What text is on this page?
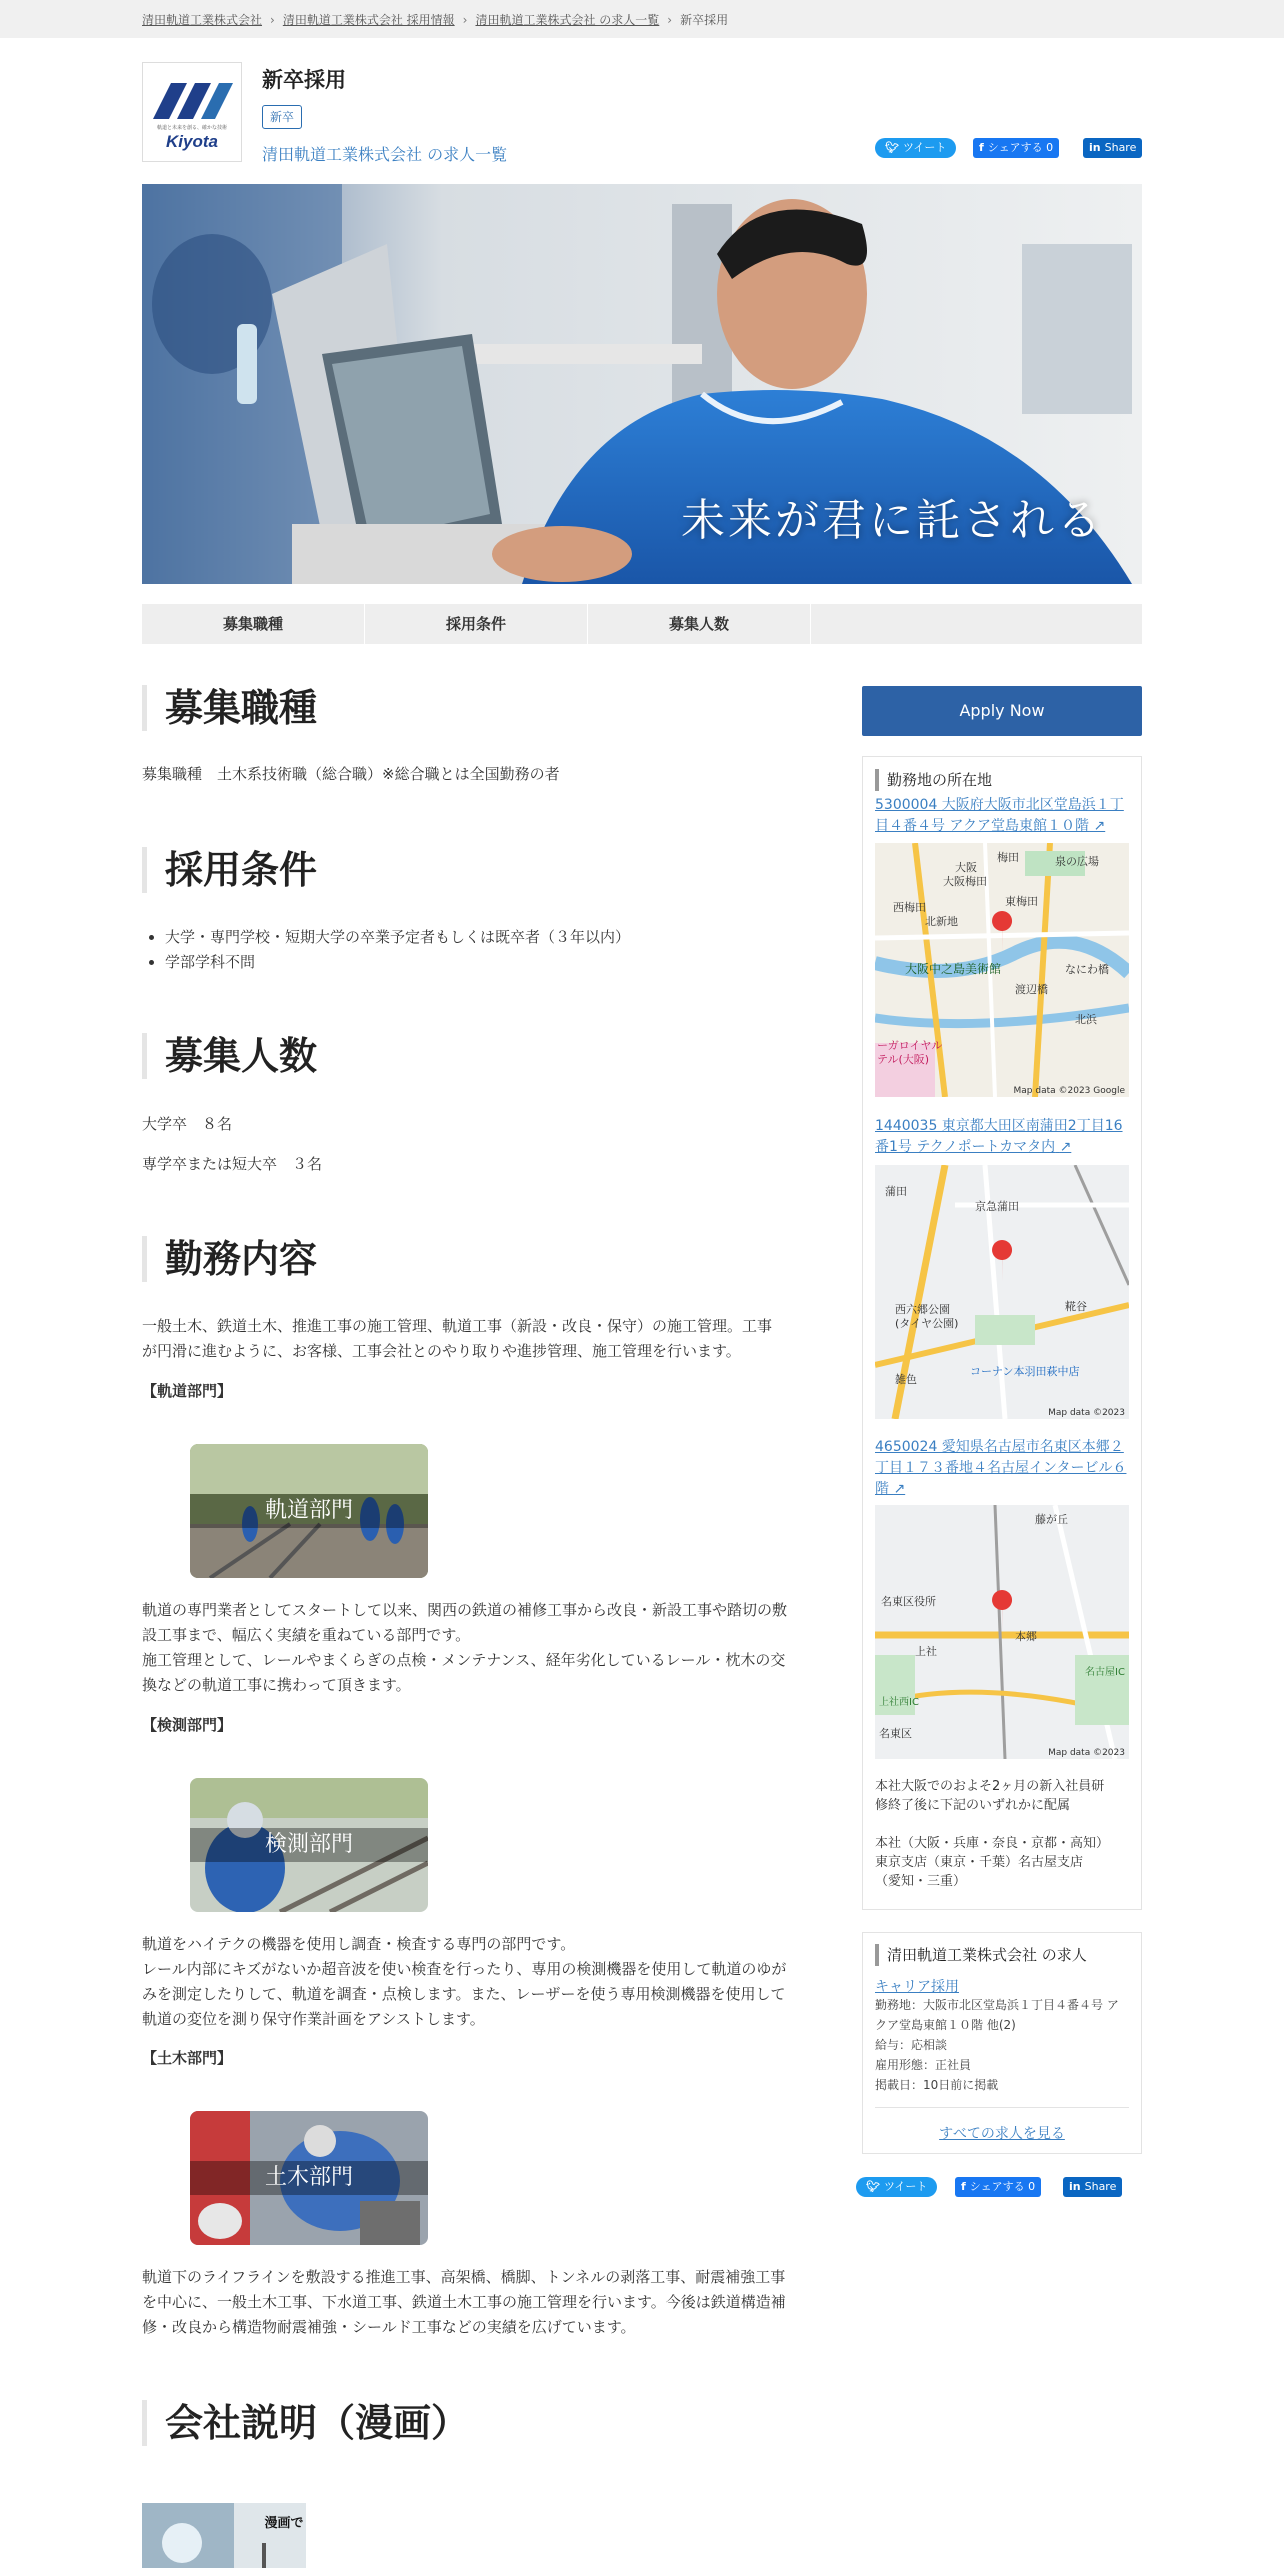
清田軌道工業株式会社 › 清田軌道工業株式会社 採用情報 › 清田軌道工業株式会社 の求人一覧 › 新卒採用
軌道と未来を創る、確かな技術
Kiyota
新卒採用
新卒
清田軌道工業株式会社 の求人一覧	🐦︎ ツイート	f シェアする 0	in Share
未来が君に託される
募集職種	採用条件	募集人数
募集職種

募集職種　土木系技術職（総合職）※総合職とは全国勤務の者

採用条件
• 大学・専門学校・短期大学の卒業予定者もしくは既卒者（３年以内）
• 学部学科不問
募集人数

大学卒　８名

専学卒または短大卒　３名

勤務内容

一般土木、鉄道土木、推進工事の施工管理、軌道工事（新設・改良・保守）の施工管理。工事

が円滑に進むように、お客様、工事会社とのやり取りや進捗管理、施工管理を行います。

【軌道部門】

軌道部門

軌道の専門業者としてスタートして以来、関西の鉄道の補修工事から改良・新設工事や踏切の敷

設工事まで、幅広く実績を重ねている部門です。

施工管理として、レールやまくらぎの点検・メンテナンス、経年劣化しているレール・枕木の交

換などの軌道工事に携わって頂きます。

【検測部門】

検測部門

軌道をハイテクの機器を使用し調査・検査する専門の部門です。

レール内部にキズがないか超音波を使い検査を行ったり、専用の検測機器を使用して軌道のゆが

みを測定したりして、軌道を調査・点検します。また、レーザーを使う専用検測機器を使用して

軌道の変位を測り保守作業計画をアシストします。

【土木部門】

土木部門

軌道下のライフラインを敷設する推進工事、高架橋、橋脚、トンネルの剥落工事、耐震補強工事

を中心に、一般土木工事、下水道工事、鉄道土木工事の施工管理を行います。今後は鉄道構造補

修・改良から構造物耐震補強・シールド工事などの実績を広げています。

会社説明（漫画）
漫画で
Apply Now
勤務地の所在地
5300004 大阪府大阪市北区堂島浜１丁
目４番４号 アクア堂島東館１０階 ↗
梅田
大阪
大阪梅田
西梅田
北新地
東梅田
大阪中之島美術館
渡辺橋
なにわ橋
北浜
泉の広場
ーガロイヤル
テル(大阪)
Map data ©2023 Google
1440035 東京都大田区南蒲田2丁目16
番1号 テクノポートカマタ内 ↗
蒲田
京急蒲田
西六郷公園
(タイヤ公園)
糀谷
雑色
コーナン本羽田萩中店
Map data ©2023
4650024 愛知県名古屋市名東区本郷２
丁目１７３番地４名古屋インタービル６
階 ↗
藤が丘
名東区役所
本郷
名東区
上社
上社西IC
名古屋IC
Map data ©2023
本社大阪でのおよそ2ヶ月の新入社員研
修終了後に下記のいずれかに配属
本社（大阪・兵庫・奈良・京都・高知）
東京支店（東京・千葉）名古屋支店
（愛知・三重）
清田軌道工業株式会社 の求人
キャリア採用
勤務地：大阪市北区堂島浜１丁目４番４号 ア
クア堂島東館１０階 他(2)
給与：応相談
雇用形態：正社員
掲載日：10日前に掲載
すべての求人を見る
🐦︎ ツイート	f シェアする 0	in Share
